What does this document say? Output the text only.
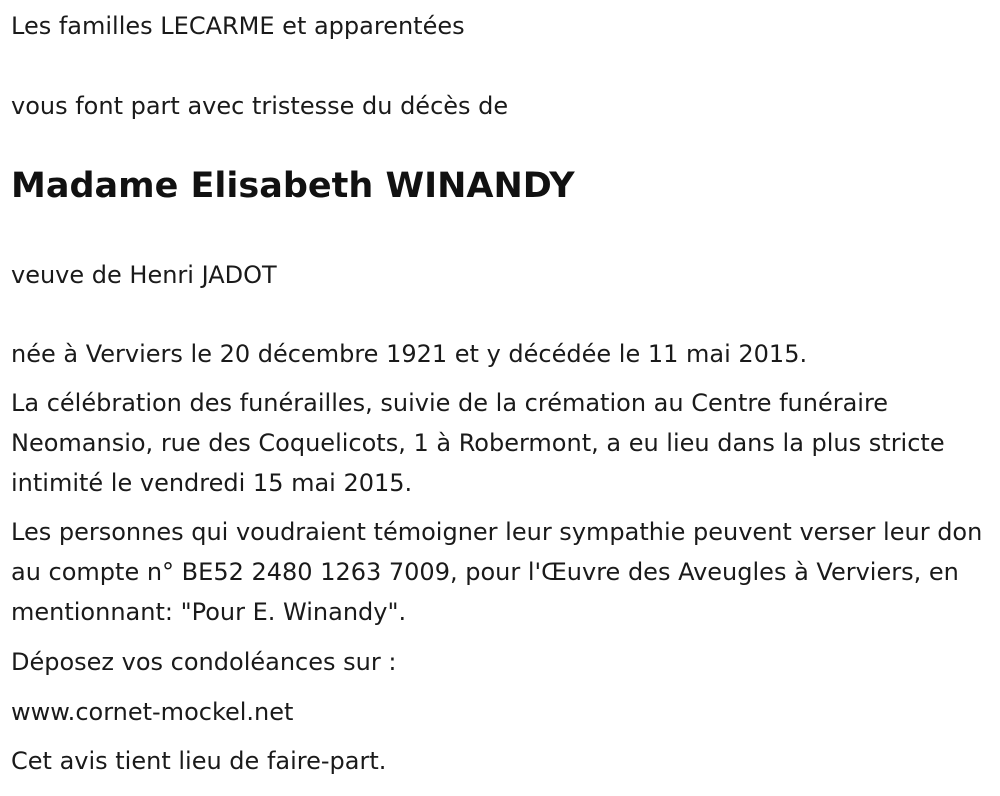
Les familles LECARME et apparentées

vous font part avec tristesse du décès de

Madame Elisabeth WINANDY

veuve de Henri JADOT

née à Verviers le 20 décembre 1921 et y décédée le 11 mai 2015.

La célébration des funérailles, suivie de la crémation au Centre funéraire Neomansio, rue des Coquelicots, 1 à Robermont, a eu lieu dans la plus stricte intimité le vendredi 15 mai 2015.

Les personnes qui voudraient témoigner leur sympathie peuvent verser leur don au compte n° BE52 2480 1263 7009, pour l'Œuvre des Aveugles à Verviers, en mentionnant: "Pour E. Winandy".

Déposez vos condoléances sur :

www.cornet-mockel.net

Cet avis tient lieu de faire-part.
